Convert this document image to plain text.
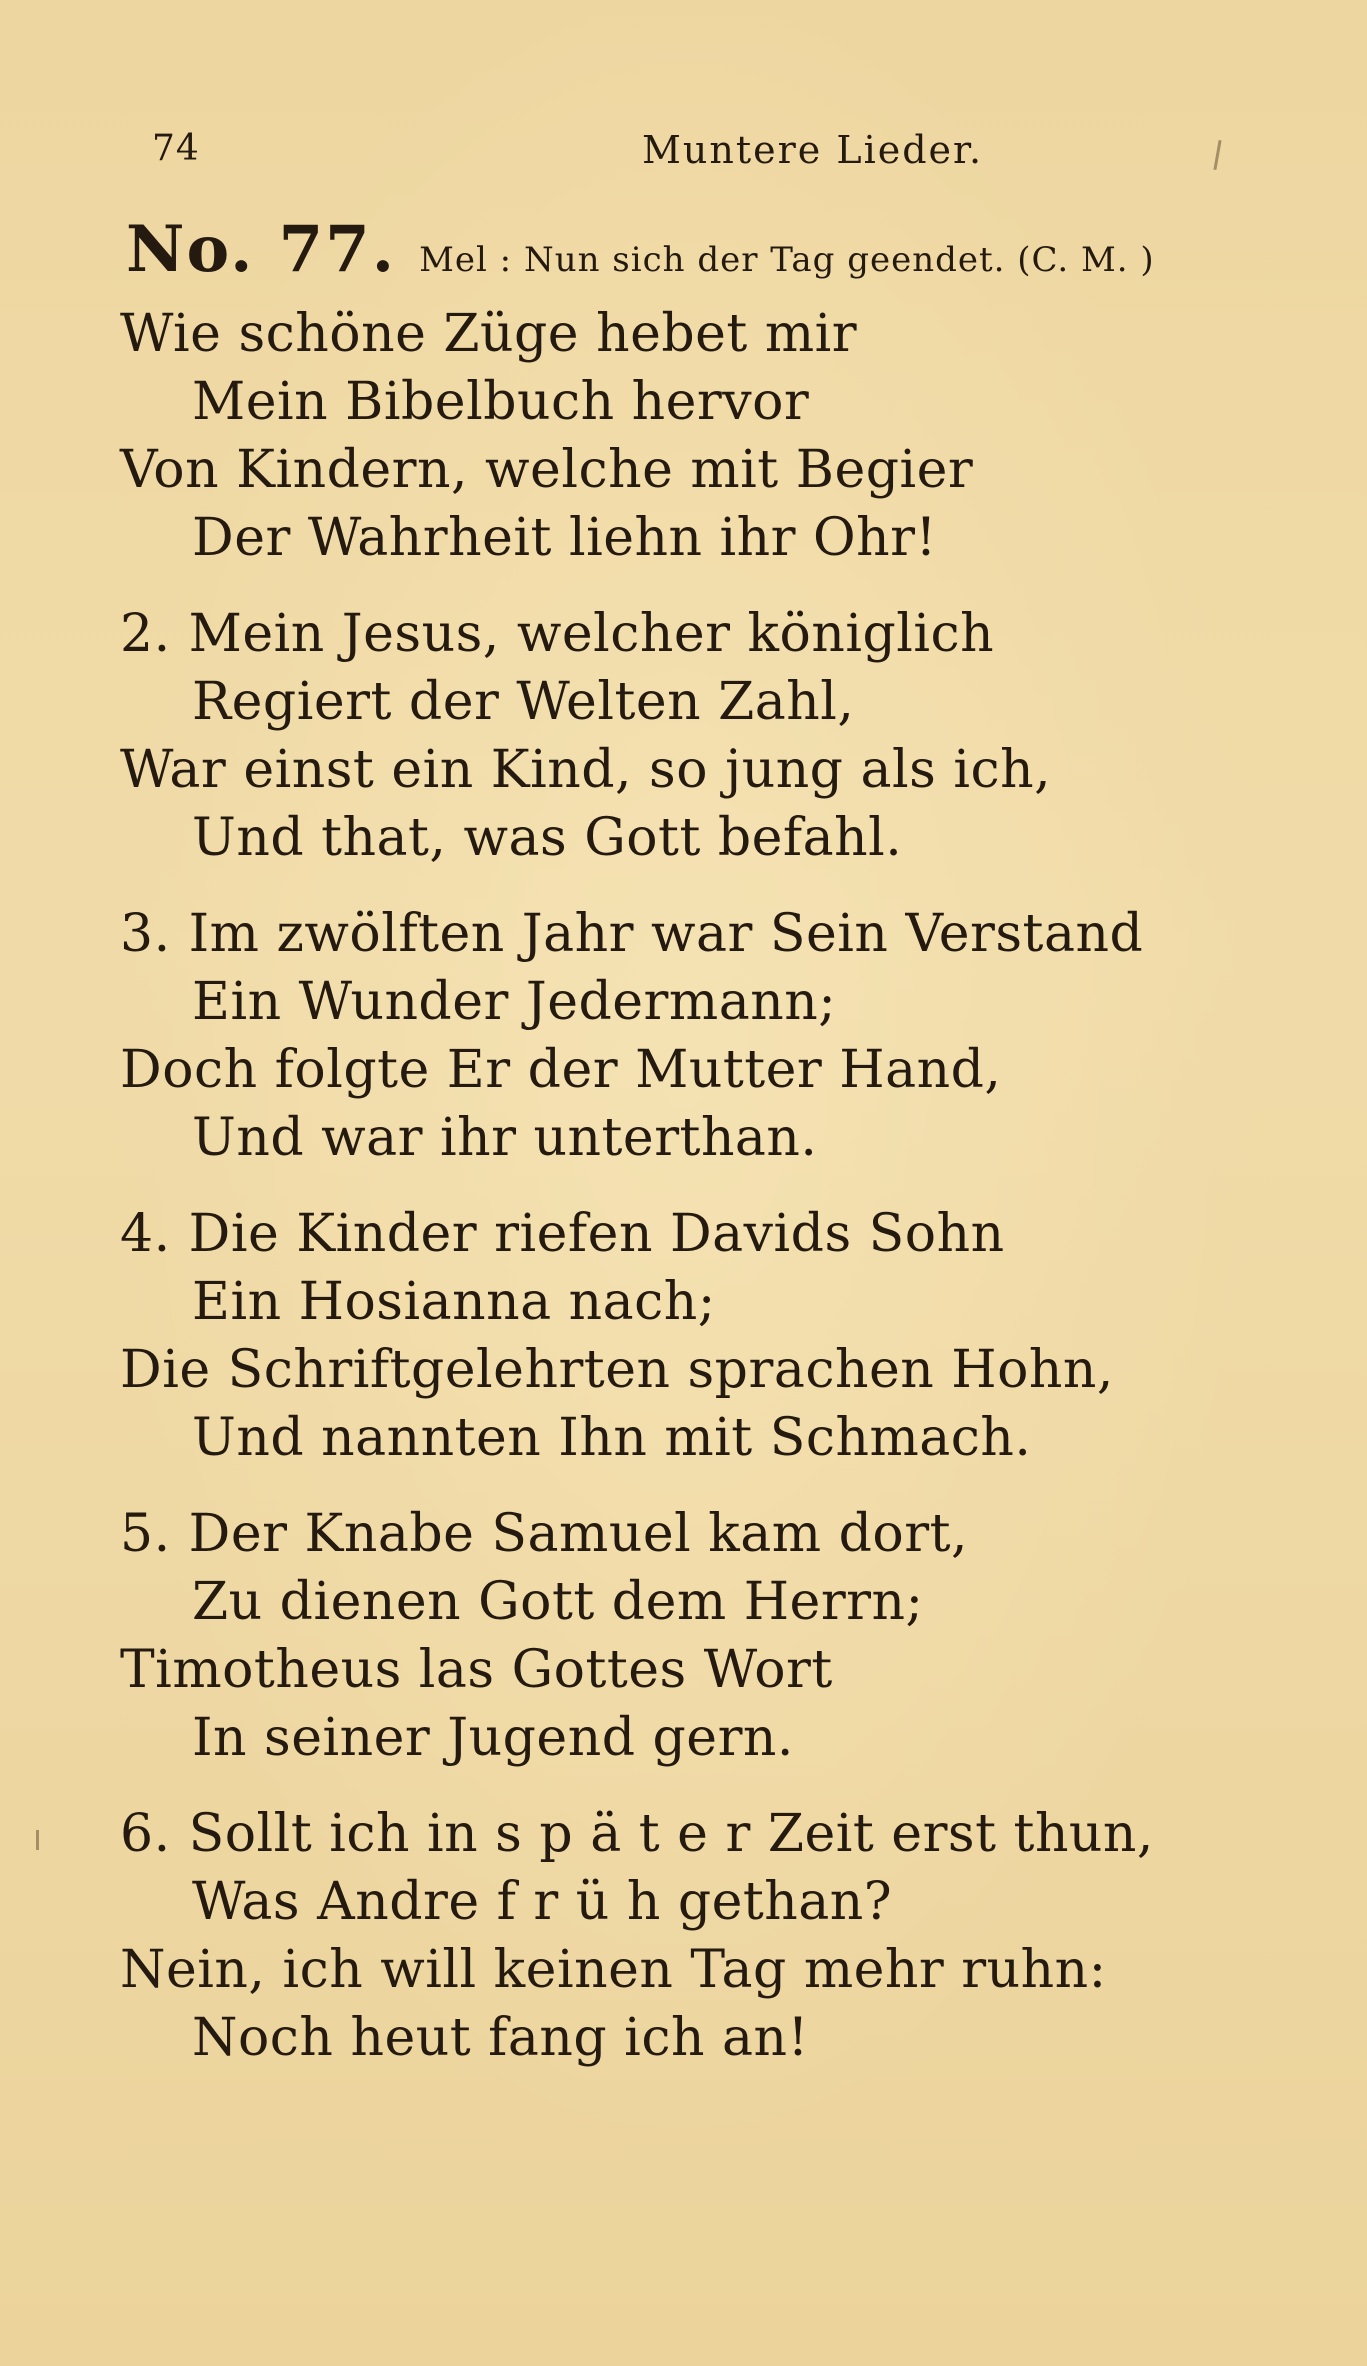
74	Muntere Lieder.
No. 77. Mel : Nun sich der Tag geendet. (C. M. )
Wie schöne Züge hebet mir
Mein Bibelbuch hervor
Von Kindern, welche mit Begier
Der Wahrheit liehn ihr Ohr!
2. Mein Jesus, welcher königlich
Regiert der Welten Zahl,
War einst ein Kind, so jung als ich,
Und that, was Gott befahl.
3. Im zwölften Jahr war Sein Verstand
Ein Wunder Jedermann;
Doch folgte Er der Mutter Hand,
Und war ihr unterthan.
4. Die Kinder riefen Davids Sohn
Ein Hosianna nach;
Die Schriftgelehrten sprachen Hohn,
Und nannten Ihn mit Schmach.
5. Der Knabe Samuel kam dort,
Zu dienen Gott dem Herrn;
Timotheus las Gottes Wort
In seiner Jugend gern.
6. Sollt ich in s p ä t e r Zeit erst thun,
Was Andre f r ü h gethan?
Nein, ich will keinen Tag mehr ruhn:
Noch heut fang ich an!
